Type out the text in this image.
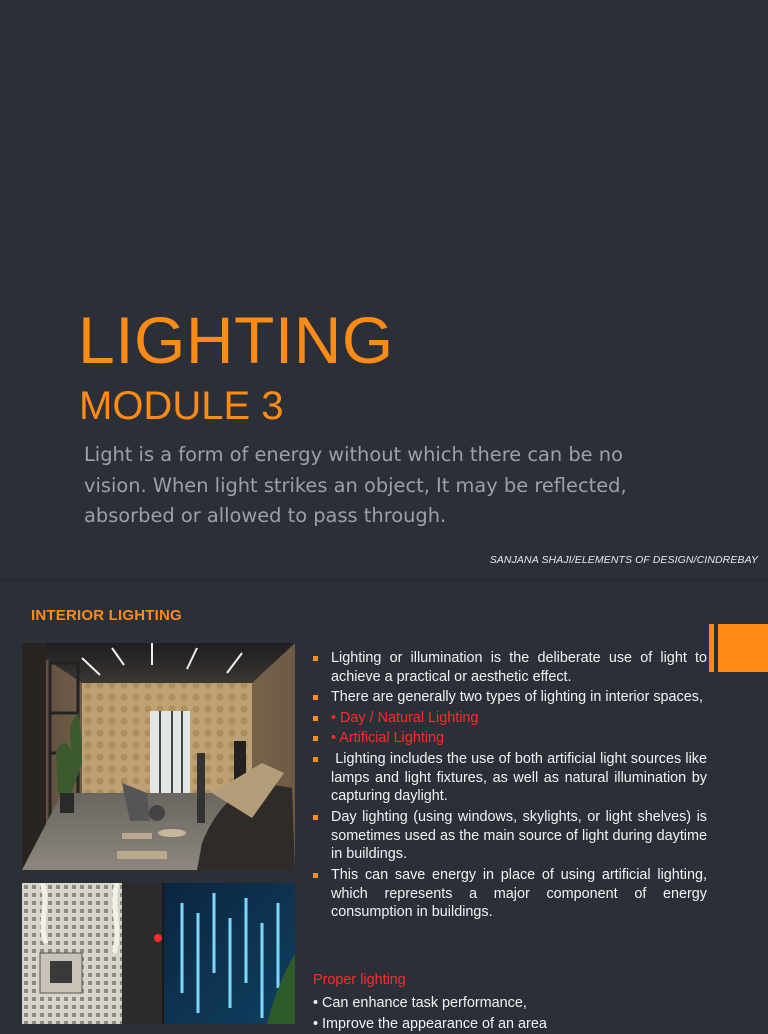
LIGHTING
MODULE 3
Light is a form of energy without which there can be no vision. When light strikes an object, It may be reflected, absorbed or allowed to pass through.
SANJANA SHAJI/ELEMENTS OF DESIGN/CINDREBAY
INTERIOR LIGHTING
Lighting or illumination is the deliberate use of light to achieve a practical or aesthetic effect.
There are generally two types of lighting in interior spaces,
• Day / Natural Lighting
• Artificial Lighting
Lighting includes the use of both artificial light sources like lamps and light fixtures, as well as natural illumination by capturing daylight.
Day lighting (using windows, skylights, or light shelves) is sometimes used as the main source of light during daytime in buildings.
This can save energy in place of using artificial lighting, which represents a major component of energy consumption in buildings.
Proper lighting
• Can enhance task performance,
• Improve the appearance of an area
